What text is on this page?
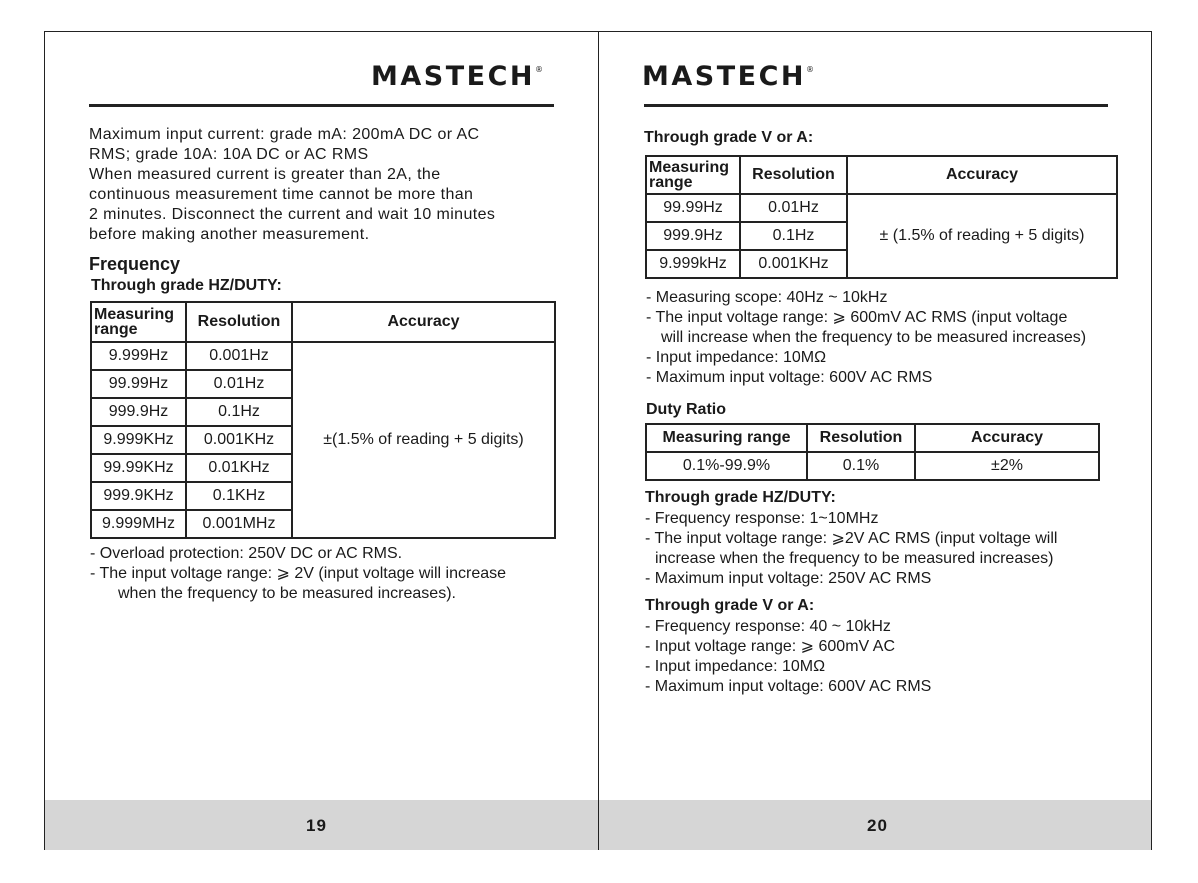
MASTECH®
Maximum input current: grade mA: 200mA DC or AC
RMS; grade 10A: 10A DC or AC RMS
When measured current is greater than 2A, the
continuous measurement time cannot be more than
2 minutes. Disconnect the current and wait 10 minutes
before making another measurement.
Frequency
Through grade HZ/DUTY:
Measuring
range	Resolution	Accuracy
9.999Hz	0.001Hz	±(1.5% of reading + 5 digits)
99.99Hz	0.01Hz	
999.9Hz	0.1Hz	
9.999KHz	0.001KHz	
99.99KHz	0.01KHz	
999.9KHz	0.1KHz	
9.999MHz	0.001MHz	
- Overload protection: 250V DC or AC RMS.
- The input voltage range: ⩾ 2V (input voltage will increase
when the frequency to be measured increases).
19
MASTECH®
Through grade V or A:
Measuring
range	Resolution	Accuracy
99.99Hz	0.01Hz	± (1.5% of reading + 5 digits)
999.9Hz	0.1Hz	
9.999kHz	0.001KHz	
- Measuring scope: 40Hz ~ 10kHz
- The input voltage range: ⩾ 600mV AC RMS (input voltage
will increase when the frequency to be measured increases)
- Input impedance: 10MΩ
- Maximum input voltage: 600V AC RMS
Duty Ratio
Measuring range	Resolution	Accuracy
0.1%-99.9%	0.1%	±2%
Through grade HZ/DUTY:
- Frequency response: 1~10MHz
- The input voltage range: ⩾2V AC RMS (input voltage will
increase when the frequency to be measured increases)
- Maximum input voltage: 250V AC RMS
Through grade V or A:
- Frequency response: 40 ~ 10kHz
- Input voltage range: ⩾ 600mV AC
- Input impedance: 10MΩ
- Maximum input voltage: 600V AC RMS
20
